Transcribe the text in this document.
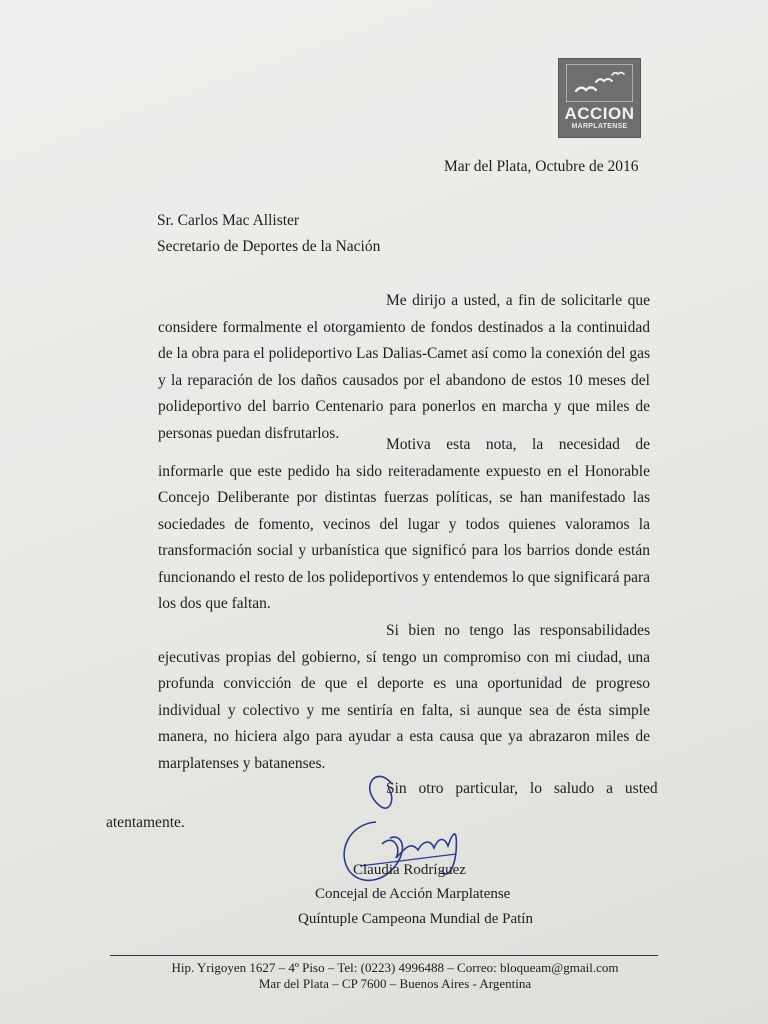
ACCION
MARPLATENSE
Mar del Plata, Octubre de 2016
Sr. Carlos Mac Allister
Secretario de Deportes de la Nación

Me dirijo a usted, a fin de solicitarle que considere formalmente el otorgamiento de fondos destinados a la continuidad de la obra para el polideportivo Las Dalias-Camet así como la conexión del gas y la reparación de los daños causados por el abandono de estos 10 meses del polideportivo del barrio Centenario para ponerlos en marcha y que miles de personas puedan disfrutarlos.

Motiva esta nota, la necesidad de informarle que este pedido ha sido reiteradamente expuesto en el Honorable Concejo Deliberante por distintas fuerzas políticas, se han manifestado las sociedades de fomento, vecinos del lugar y todos quienes valoramos la transformación social y urbanística que significó para los barrios donde están funcionando el resto de los polideportivos y entendemos lo que significará para los dos que faltan.

Si bien no tengo las responsabilidades ejecutivas propias del gobierno, sí tengo un compromiso con mi ciudad, una profunda convicción de que el deporte es una oportunidad de progreso individual y colectivo y me sentiría en falta, si aunque sea de ésta simple manera, no hiciera algo para ayudar a esta causa que ya abrazaron miles de marplatenses y batanenses.

Sin otro particular, lo saludo a usted
atentamente.
Claudia Rodríguez
Concejal de Acción Marplatense
Quíntuple Campeona Mundial de Patín
Hip. Yrigoyen 1627 – 4º Piso – Tel: (0223) 4996488 – Correo: bloqueam@gmail.com
Mar del Plata – CP 7600 – Buenos Aires - Argentina
